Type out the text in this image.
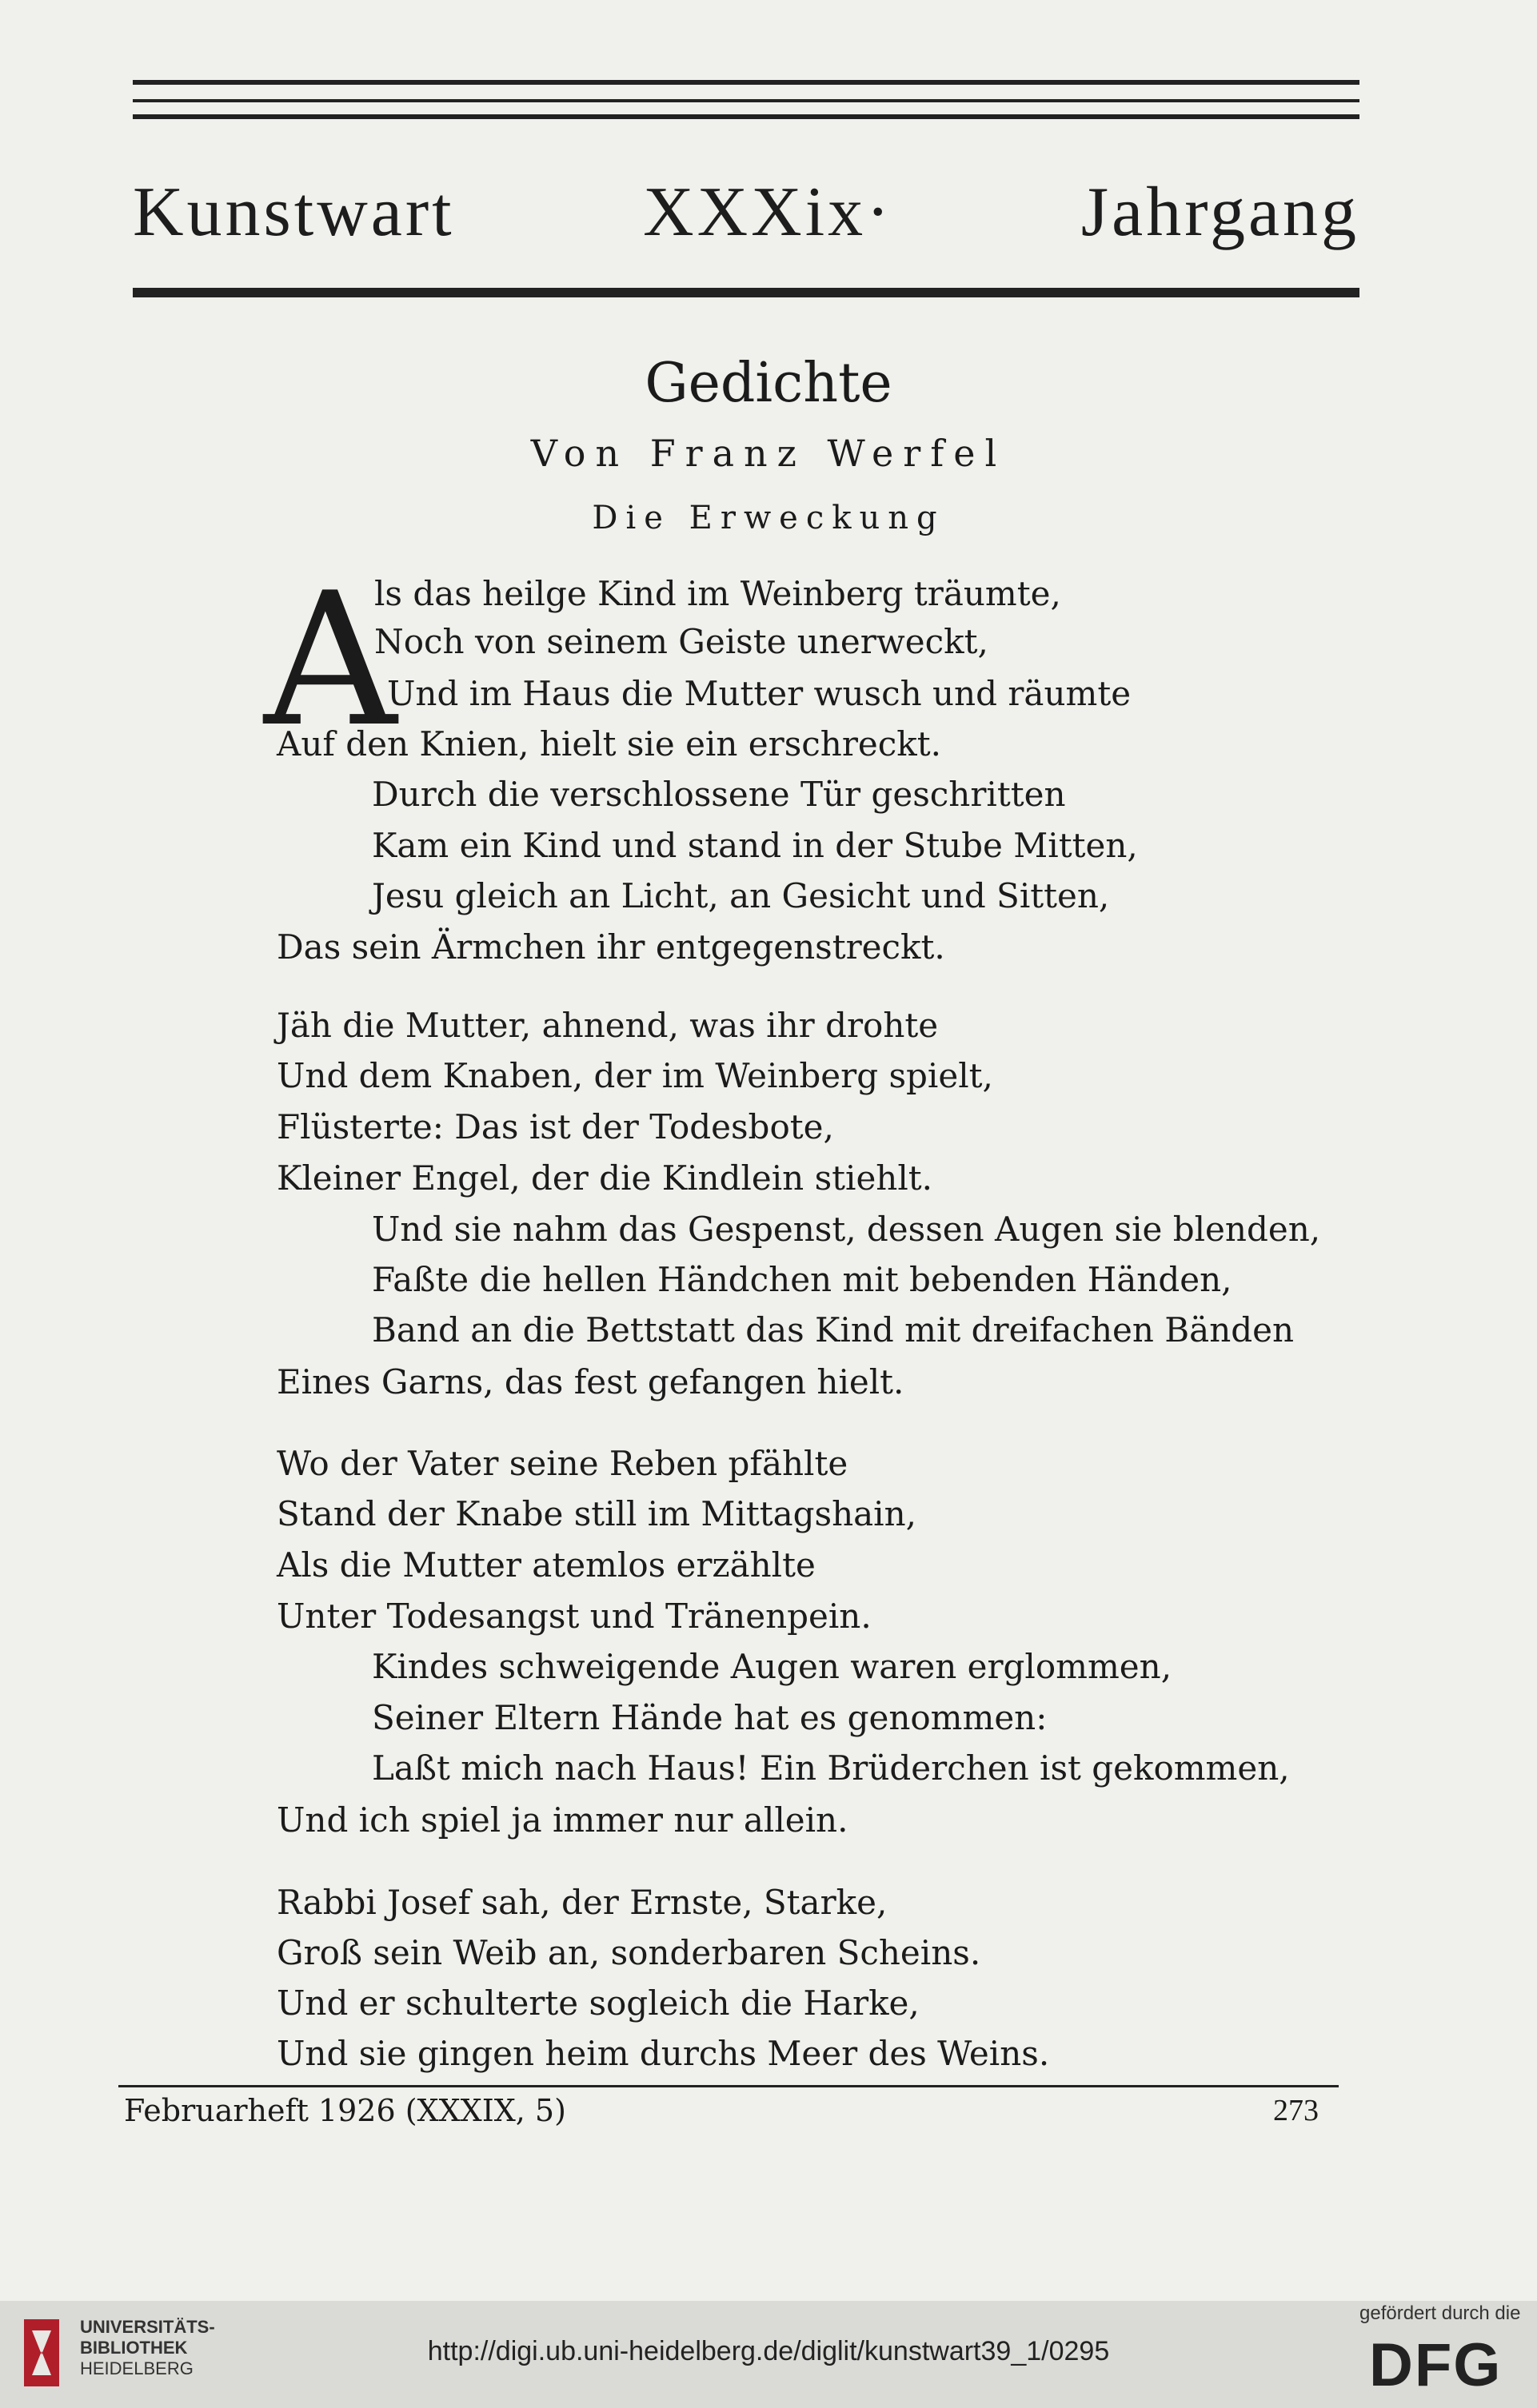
Kunstwart	XXXix·	Jahrgang
Gedichte
Von Franz Werfel
Die Erweckung
A
ls das heilge Kind im Weinberg träumte,
Noch von seinem Geiste unerweckt,
Und im Haus die Mutter wusch und räumte
Auf den Knien, hielt sie ein erschreckt.
Durch die verschlossene Tür geschritten
Kam ein Kind und stand in der Stube Mitten,
Jesu gleich an Licht, an Gesicht und Sitten,
Das sein Ärmchen ihr entgegenstreckt.
Jäh die Mutter, ahnend, was ihr drohte
Und dem Knaben, der im Weinberg spielt,
Flüsterte: Das ist der Todesbote,
Kleiner Engel, der die Kindlein stiehlt.
Und sie nahm das Gespenst, dessen Augen sie blenden,
Faßte die hellen Händchen mit bebenden Händen,
Band an die Bettstatt das Kind mit dreifachen Bänden
Eines Garns, das fest gefangen hielt.
Wo der Vater seine Reben pfählte
Stand der Knabe still im Mittagshain,
Als die Mutter atemlos erzählte
Unter Todesangst und Tränenpein.
Kindes schweigende Augen waren erglommen,
Seiner Eltern Hände hat es genommen:
Laßt mich nach Haus! Ein Brüderchen ist gekommen,
Und ich spiel ja immer nur allein.
Rabbi Josef sah, der Ernste, Starke,
Groß sein Weib an, sonderbaren Scheins.
Und er schulterte sogleich die Harke,
Und sie gingen heim durchs Meer des Weins.
Februarheft 1926 (XXXIX, 5)	273
UNIVERSITÄTS-
BIBLIOTHEK
HEIDELBERG
http://digi.ub.uni-heidelberg.de/diglit/kunstwart39_1/0295
gefördert durch die
DFG
